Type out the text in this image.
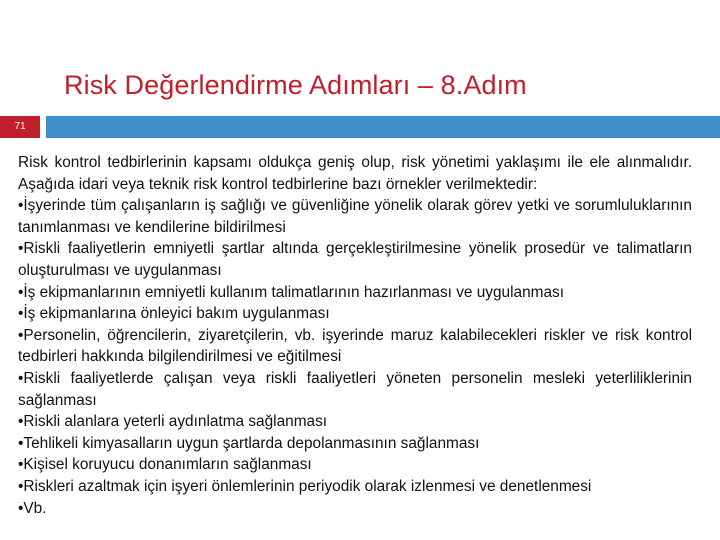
Risk Değerlendirme Adımları – 8.Adım
71

Risk kontrol tedbirlerinin kapsamı oldukça geniş olup, risk yönetimi yaklaşımı ile ele alınmalıdır. Aşağıda idari veya teknik risk kontrol tedbirlerine bazı örnekler verilmektedir:

•İşyerinde tüm çalışanların iş sağlığı ve güvenliğine yönelik olarak görev yetki ve sorumluluklarının tanımlanması ve kendilerine bildirilmesi
•Riskli faaliyetlerin emniyetli şartlar altında gerçekleştirilmesine yönelik prosedür ve talimatların oluşturulması ve uygulanması
•İş ekipmanlarının emniyetli kullanım talimatlarının hazırlanması ve uygulanması
•İş ekipmanlarına önleyici bakım uygulanması
•Personelin, öğrencilerin, ziyaretçilerin, vb. işyerinde maruz kalabilecekleri riskler ve risk kontrol tedbirleri hakkında bilgilendirilmesi ve eğitilmesi
•Riskli faaliyetlerde çalışan veya riskli faaliyetleri yöneten personelin mesleki yeterliliklerinin sağlanması
•Riskli alanlara yeterli aydınlatma sağlanması
•Tehlikeli kimyasalların uygun şartlarda depolanmasının sağlanması
•Kişisel koruyucu donanımların sağlanması
•Riskleri azaltmak için işyeri önlemlerinin periyodik olarak izlenmesi ve denetlenmesi
•Vb.
